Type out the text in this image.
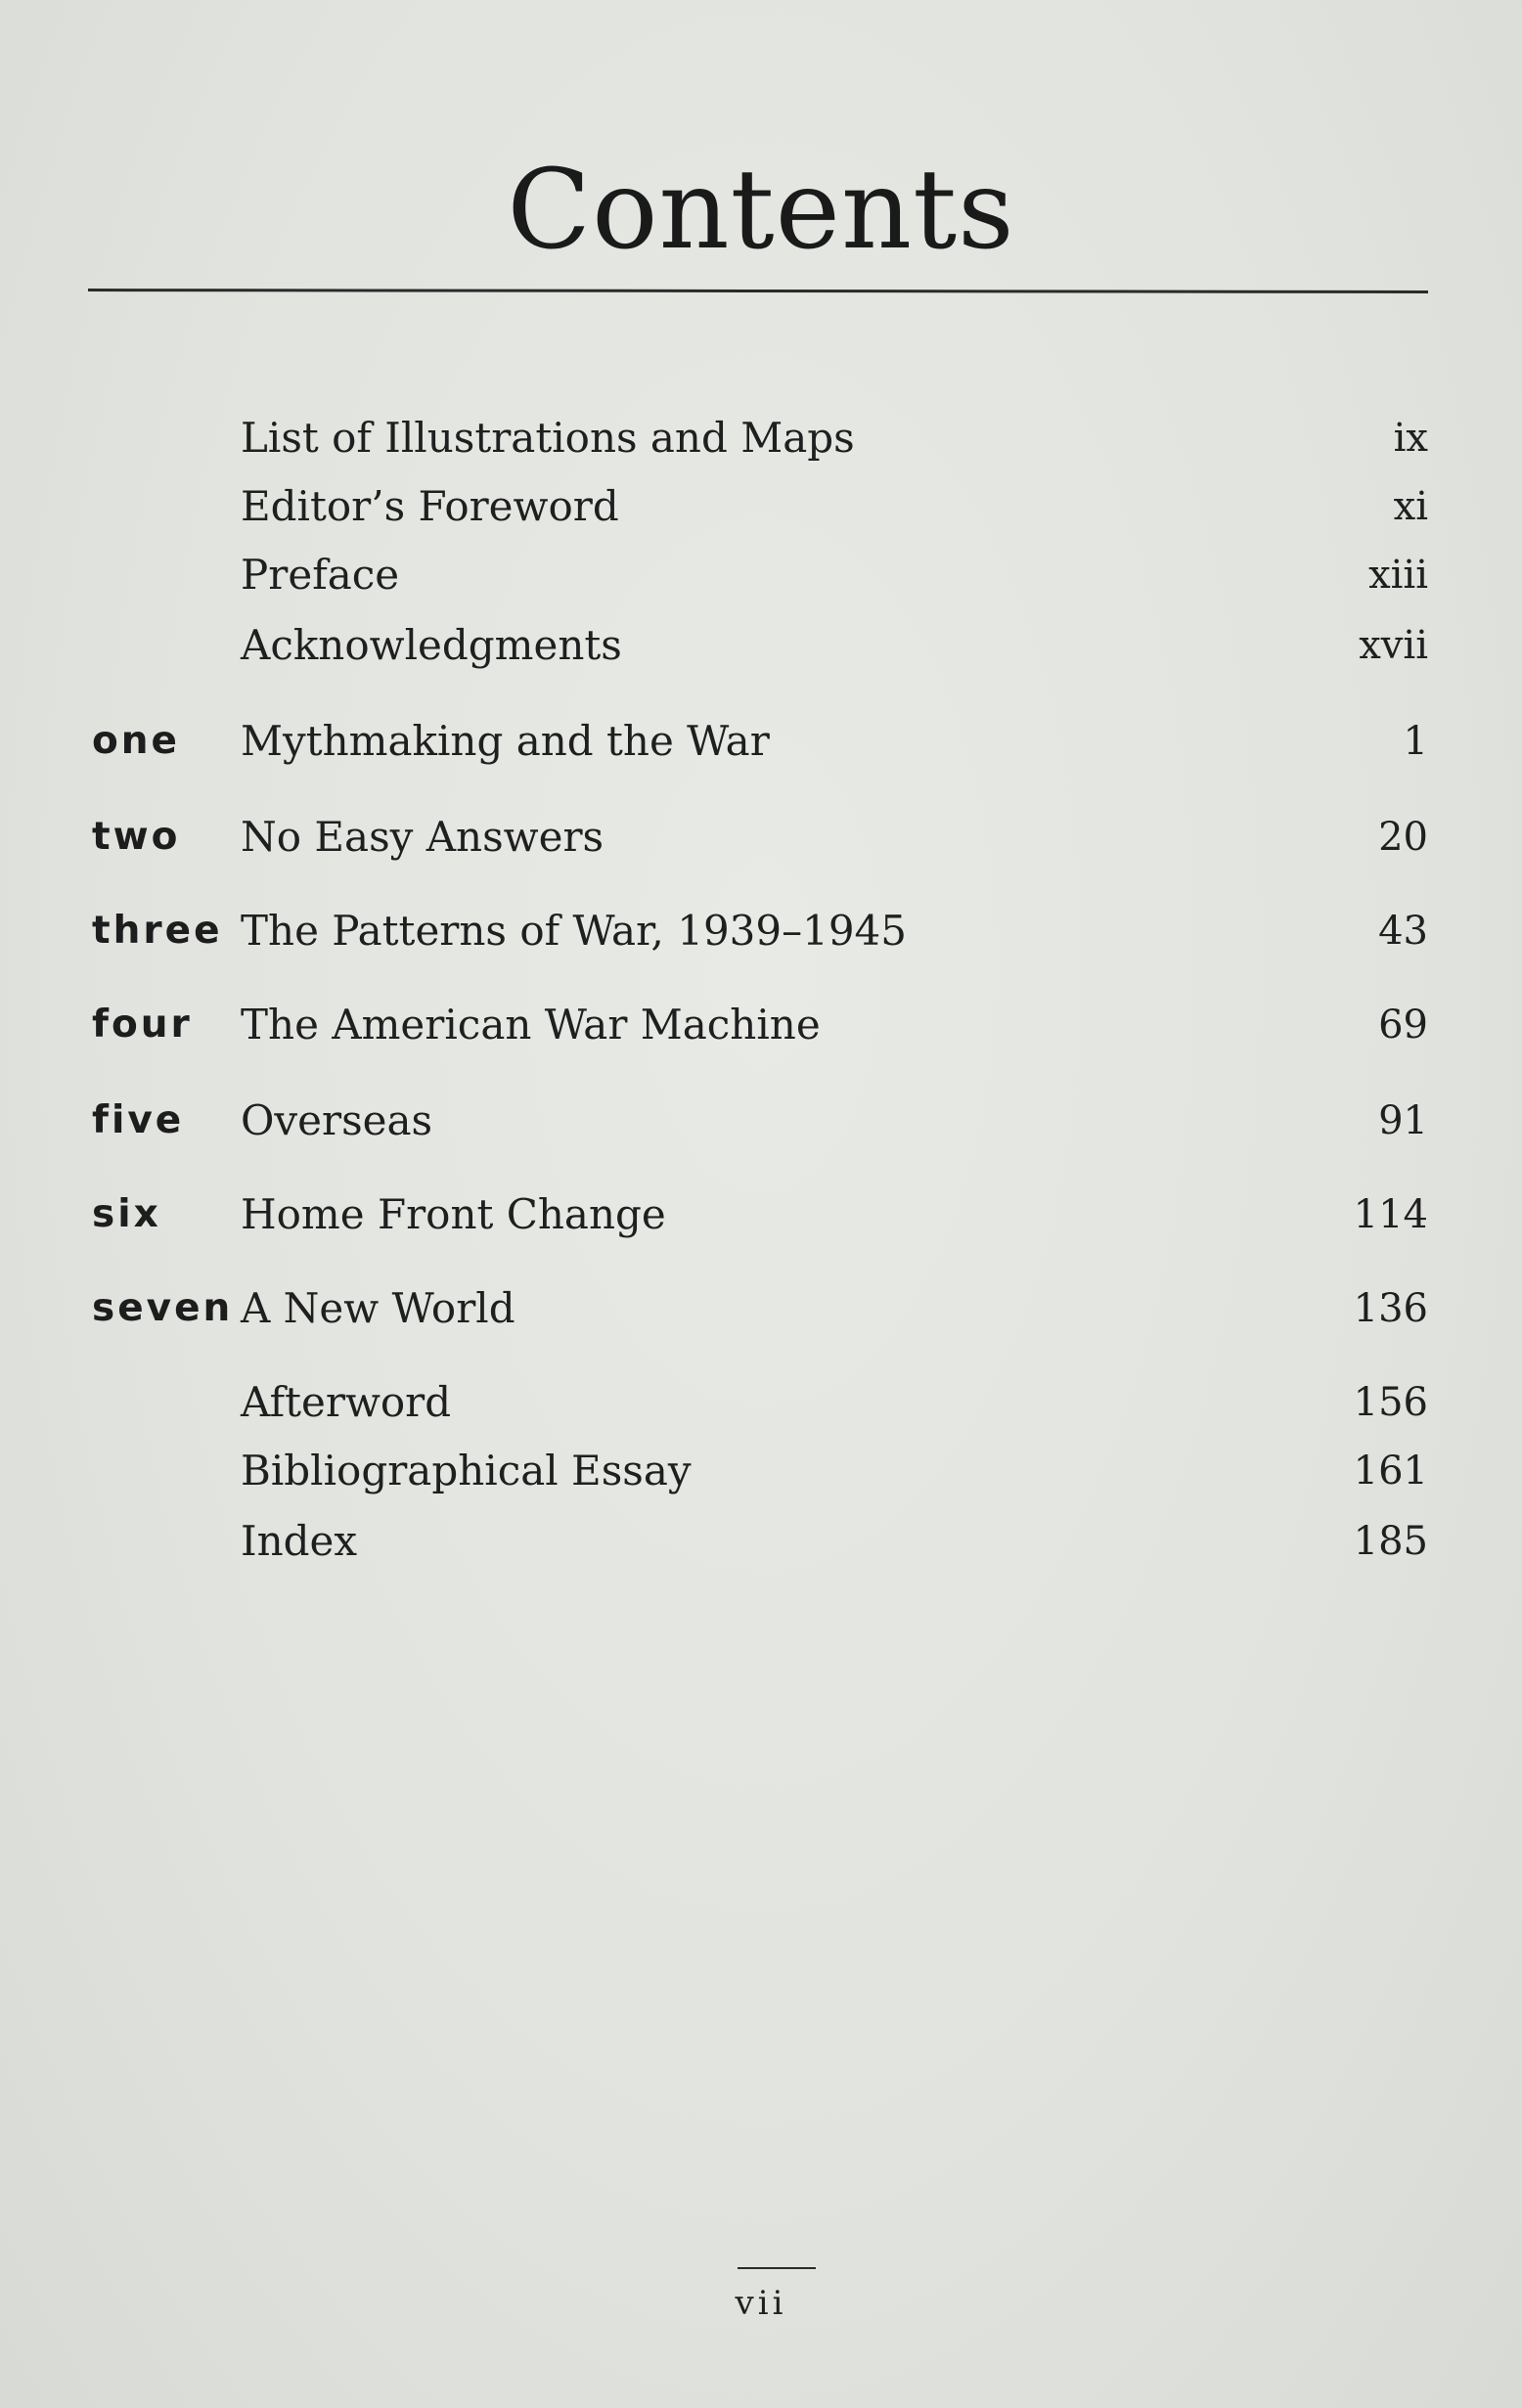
Contents
List of Illustrations and Maps	ix
Editor’s Foreword	xi
Preface	xiii
Acknowledgments	xvii
one Mythmaking and the War	1
two No Easy Answers	20
three The Patterns of War, 1939–1945	43
four The American War Machine	69
five Overseas	91
six Home Front Change	114
seven A New World	136
Afterword	156
Bibliographical Essay	161
Index	185
vii
